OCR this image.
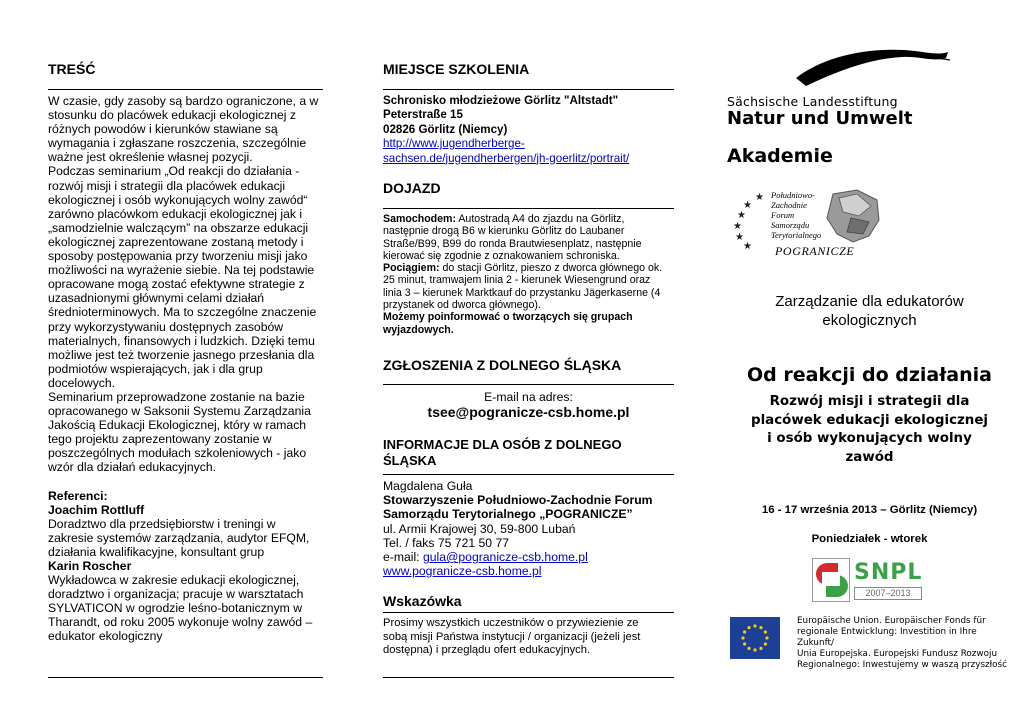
TREŚĆ
W czasie, gdy zasoby są bardzo ograniczone, a w
stosunku do placówek edukacji ekologicznej z
różnych powodów i kierunków stawiane są
wymagania i zgłaszane roszczenia, szczególnie
ważne jest określenie własnej pozycji.
Podczas seminarium „Od reakcji do działania -
rozwój misji i strategii dla placówek edukacji
ekologicznej i osób wykonujących wolny zawód“
zarówno placówkom edukacji ekologicznej jak i
„samodzielnie walczącym” na obszarze edukacji
ekologicznej zaprezentowane zostaną metody i
sposoby postępowania przy tworzeniu misji jako
możliwości na wyrażenie siebie. Na tej podstawie
opracowane mogą zostać efektywne strategie z
uzasadnionymi głównymi celami działań
średnioterminowych. Ma to szczególne znaczenie
przy wykorzystywaniu dostępnych zasobów
materialnych, finansowych i ludzkich. Dzięki temu
możliwe jest też tworzenie jasnego przesłania dla
podmiotów wspierających, jak i dla grup
docelowych.
Seminarium przeprowadzone zostanie na bazie
opracowanego w Saksonii Systemu Zarządzania
Jakością Edukacji Ekologicznej, który w ramach
tego projektu zaprezentowany zostanie w
poszczególnych modułach szkoleniowych - jako
wzór dla działań edukacyjnych.

Referenci:

Joachim Rottluff

Doradztwo dla przedsiębiorstw i treningi w
zakresie systemów zarządzania, audytor EFQM,
działania kwalifikacyjne, konsultant grup

Karin Roscher

Wykładowca w zakresie edukacji ekologicznej,
doradztwo i organizacja; pracuje w warsztatach
SYLVATICON w ogrodzie leśno-botanicznym w
Tharandt, od roku 2005 wykonuje wolny zawód –
edukator ekologiczny
MIEJSCE SZKOLENIA

Schronisko młodzieżowe Görlitz "Altstadt"

Peterstraße 15

02826 Görlitz (Niemcy)

http://www.jugendherberge-
sachsen.de/jugendherbergen/jh-goerlitz/portrait/

DOJAZD
Samochodem: Autostradą A4 do zjazdu na Görlitz,
następnie drogą B6 w kierunku Görlitz do Laubaner
Straße/B99, B99 do ronda Brautwiesenplatz, następnie
kierować się zgodnie z oznakowaniem schroniska.
Pociągiem: do stacji Görlitz, pieszo z dworca głównego ok.
25 minut, tramwajem linia 2 - kierunek Wiesengrund oraz
linia 3 – kierunek Marktkauf do przystanku Jägerkaserne (4
przystanek od dworca głównego).
Możemy poinformować o tworzących się grupach
wyjazdowych.
ZGŁOSZENIA Z DOLNEGO ŚLĄSKA
E-mail na adres:
tsee@pogranicze-csb.home.pl
INFORMACJE DLA OSÓB Z DOLNEGO
ŚLĄSKA

Magdalena Guła

Stowarzyszenie Południowo-Zachodnie Forum

Samorządu Terytorialnego „POGRANICZE”

ul. Armii Krajowej 30, 59-800 Lubań

Tel. / faks 75 721 50 77

e-mail: gula@pogranicze-csb.home.pl

www.pogranicze-csb.home.pl

Wskazówka
Prosimy wszystkich uczestników o przywiezienie ze
sobą misji Państwa instytucji / organizacji (jeżeli jest
dostępna) i przeglądu ofert edukacyjnych.
Sächsische Landesstiftung
Natur und Umwelt
Akademie
★
★
★
★
★
★
Południowo-
Zachodnie
Forum
Samorządu
Terytorialnego
POGRANICZE
Zarządzanie dla edukatorów
ekologicznych
Od reakcji do działania
Rozwój misji i strategii dla
placówek edukacji ekologicznej
i osób wykonujących wolny
zawód
16 - 17 września 2013 – Görlitz (Niemcy)
Poniedziałek - wtorek
SNPL
2007–2013
Europäische Union. Europäischer Fonds für
regionale Entwicklung: Investition in Ihre Zukunft/
Unia Europejska. Europejski Fundusz Rozwoju
Regionalnego: Inwestujemy w waszą przyszłość
